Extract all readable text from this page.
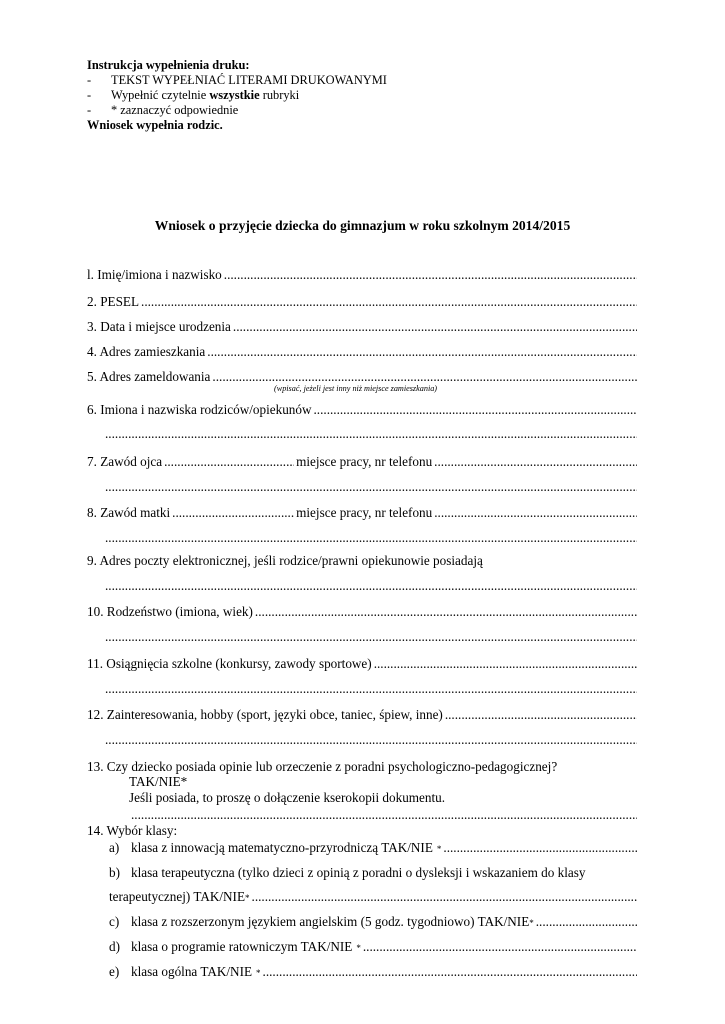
Instrukcja wypełnienia druku:
- TEKST WYPEŁNIAĆ LITERAMI DRUKOWANYMI
- Wypełnić czytelnie wszystkie rubryki
- * zaznaczyć odpowiednie
Wniosek wypełnia rodzic.
Wniosek o przyjęcie dziecka do gimnazjum w roku szkolnym 2014/2015
l. Imię/imiona i nazwisko
.....
2. PESEL
.....
3. Data i miejsce urodzenia
.....
4. Adres zamieszkania
.....
5. Adres zameldowania
.....
(wpisać, jeżeli jest inny niż miejsce zamieszkania)
6. Imiona i nazwiska rodziców/opiekunów
.....
.....
7. Zawód ojca .....	miejsce pracy, nr telefonu
.....
.....
8. Zawód matki .....	miejsce pracy, nr telefonu
.....
.....
9. Adres poczty elektronicznej, jeśli rodzice/prawni opiekunowie posiadają
.....
10. Rodzeństwo (imiona, wiek)
.....
.....
11. Osiągnięcia szkolne (konkursy, zawody sportowe)
.....
.....
12. Zainteresowania, hobby (sport, języki obce, taniec, śpiew, inne)
.....
.....
13. Czy dziecko posiada opinie lub orzeczenie z poradni psychologiczno-pedagogicznej?
TAK/NIE*
Jeśli posiada, to proszę o dołączenie kserokopii dokumentu.
.....
14. Wybór klasy:
a) klasa z innowacją matematyczno-przyrodniczą TAK/NIE *
.....
b) klasa terapeutyczna (tylko dzieci z opinią z poradni o dysleksji i wskazaniem do klasy
terapeutycznej) TAK/NIE *
.....
c) klasa z rozszerzonym językiem angielskim (5 godz. tygodniowo) TAK/NIE *
.....
d) klasa o programie ratowniczym TAK/NIE *
.....
e) klasa ogólna TAK/NIE *
.....
